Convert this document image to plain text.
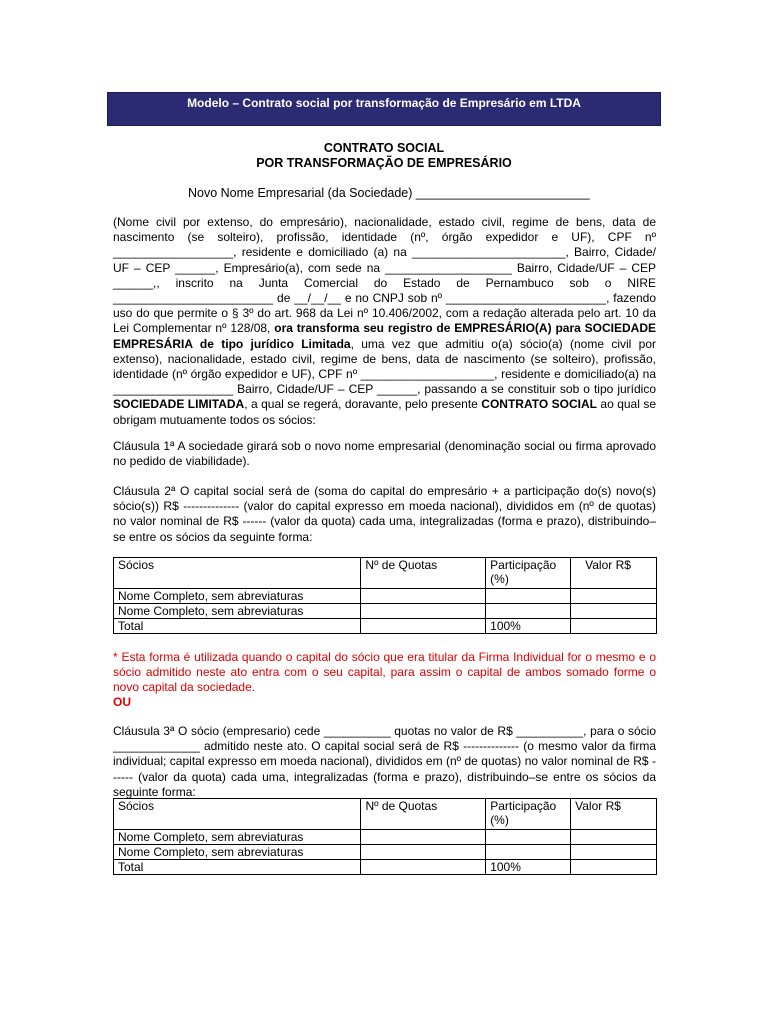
Modelo – Contrato social por transformação de Empresário em LTDA
CONTRATO SOCIAL
POR TRANSFORMAÇÃO DE EMPRESÁRIO
Novo Nome Empresarial (da Sociedade) _________________________
(Nome civil por extenso, do empresário), nacionalidade, estado civil, regime de bens, data de nascimento (se solteiro), profissão, identidade (nº, órgão expedidor e UF), CPF nº __________________, residente e domiciliado (a) na _______________________, Bairro, Cidade/ UF – CEP ______, Empresário(a), com sede na ___________________ Bairro, Cidade/UF – CEP ______,, inscrito na Junta Comercial do Estado de Pernambuco sob o NIRE ________________________ de __/__/__ e no CNPJ sob nº ________________________, fazendo uso do que permite o § 3º do art. 968 da Lei nº 10.406/2002, com a redação alterada pelo art. 10 da Lei Complementar nº 128/08, ora transforma seu registro de EMPRESÁRIO(A) para SOCIEDADE EMPRESÁRIA de tipo jurídico Limitada, uma vez que admitiu o(a) sócio(a) (nome civil por extenso), nacionalidade, estado civil, regime de bens, data de nascimento (se solteiro), profissão, identidade (nº órgão expedidor e UF), CPF nº ____________________, residente e domiciliado(a) na __________________ Bairro, Cidade/UF – CEP ______, passando a se constituir sob o tipo jurídico SOCIEDADE LIMITADA, a qual se regerá, doravante, pelo presente CONTRATO SOCIAL ao qual se obrigam mutuamente todos os sócios:
Cláusula 1ª A sociedade girará sob o novo nome empresarial (denominação social ou firma aprovado no pedido de viabilidade).
Cláusula 2ª O capital social será de (soma do capital do empresário + a participação do(s) novo(s) sócio(s)) R$ -------------- (valor do capital expresso em moeda nacional), divididos em (nº de quotas) no valor nominal de R$ ------ (valor da quota) cada uma, integralizadas (forma e prazo), distribuindo–se entre os sócios da seguinte forma:
Sócios	Nº de Quotas	Participação (%)	Valor R$
Nome Completo, sem abreviaturas			
Nome Completo, sem abreviaturas			
Total		100%	
* Esta forma é utilizada quando o capital do sócio que era titular da Firma Individual for o mesmo e o sócio admitido neste ato entra com o seu capital, para assim o capital de ambos somado forme o novo capital da sociedade.
OU
Cláusula 3ª O sócio (empresario) cede __________ quotas no valor de R$ __________, para o sócio _____________ admitido neste ato. O capital social será de R$ -------------- (o mesmo valor da firma individual; capital expresso em moeda nacional), divididos em (nº de quotas) no valor nominal de R$ ------ (valor da quota) cada uma, integralizadas (forma e prazo), distribuindo–se entre os sócios da seguinte forma:
Sócios	Nº de Quotas	Participação (%)	Valor R$
Nome Completo, sem abreviaturas			
Nome Completo, sem abreviaturas			
Total		100%	
